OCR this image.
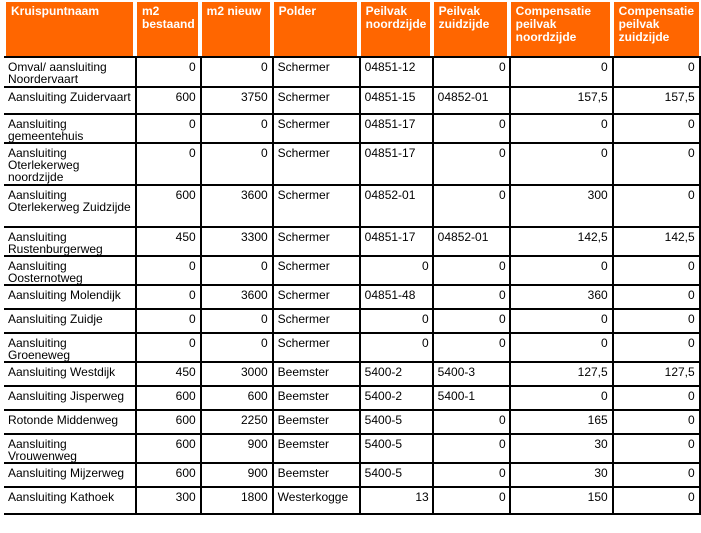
Kruispuntnaam	m2 bestaand	m2 nieuw	Polder	Peilvak noordzijde	Peilvak zuidzijde	Compensatie peilvak noordzijde	Compensatie peilvak zuidzijde
Omval/ aansluiting Noordervaart	0	0	Schermer	04851-12	0	0	0
Aansluiting Zuidervaart	600	3750	Schermer	04851-15	04852-01	157,5	157,5
Aansluiting gemeentehuis	0	0	Schermer	04851-17	0	0	0
Aansluiting Oterlekerweg noordzijde	0	0	Schermer	04851-17	0	0	0
Aansluiting Oterlekerweg Zuidzijde	600	3600	Schermer	04852-01	0	300	0
Aansluiting Rustenburgerweg	450	3300	Schermer	04851-17	04852-01	142,5	142,5
Aansluiting Oosternotweg	0	0	Schermer	0	0	0	0
Aansluiting Molendijk	0	3600	Schermer	04851-48	0	360	0
Aansluiting Zuidje	0	0	Schermer	0	0	0	0
Aansluiting Groeneweg	0	0	Schermer	0	0	0	0
Aansluiting Westdijk	450	3000	Beemster	5400-2	5400-3	127,5	127,5
Aansluiting Jisperweg	600	600	Beemster	5400-2	5400-1	0	0
Rotonde Middenweg	600	2250	Beemster	5400-5	0	165	0
Aansluiting Vrouwenweg	600	900	Beemster	5400-5	0	30	0
Aansluiting Mijzerweg	600	900	Beemster	5400-5	0	30	0
Aansluiting Kathoek	300	1800	Westerkogge	13	0	150	0
